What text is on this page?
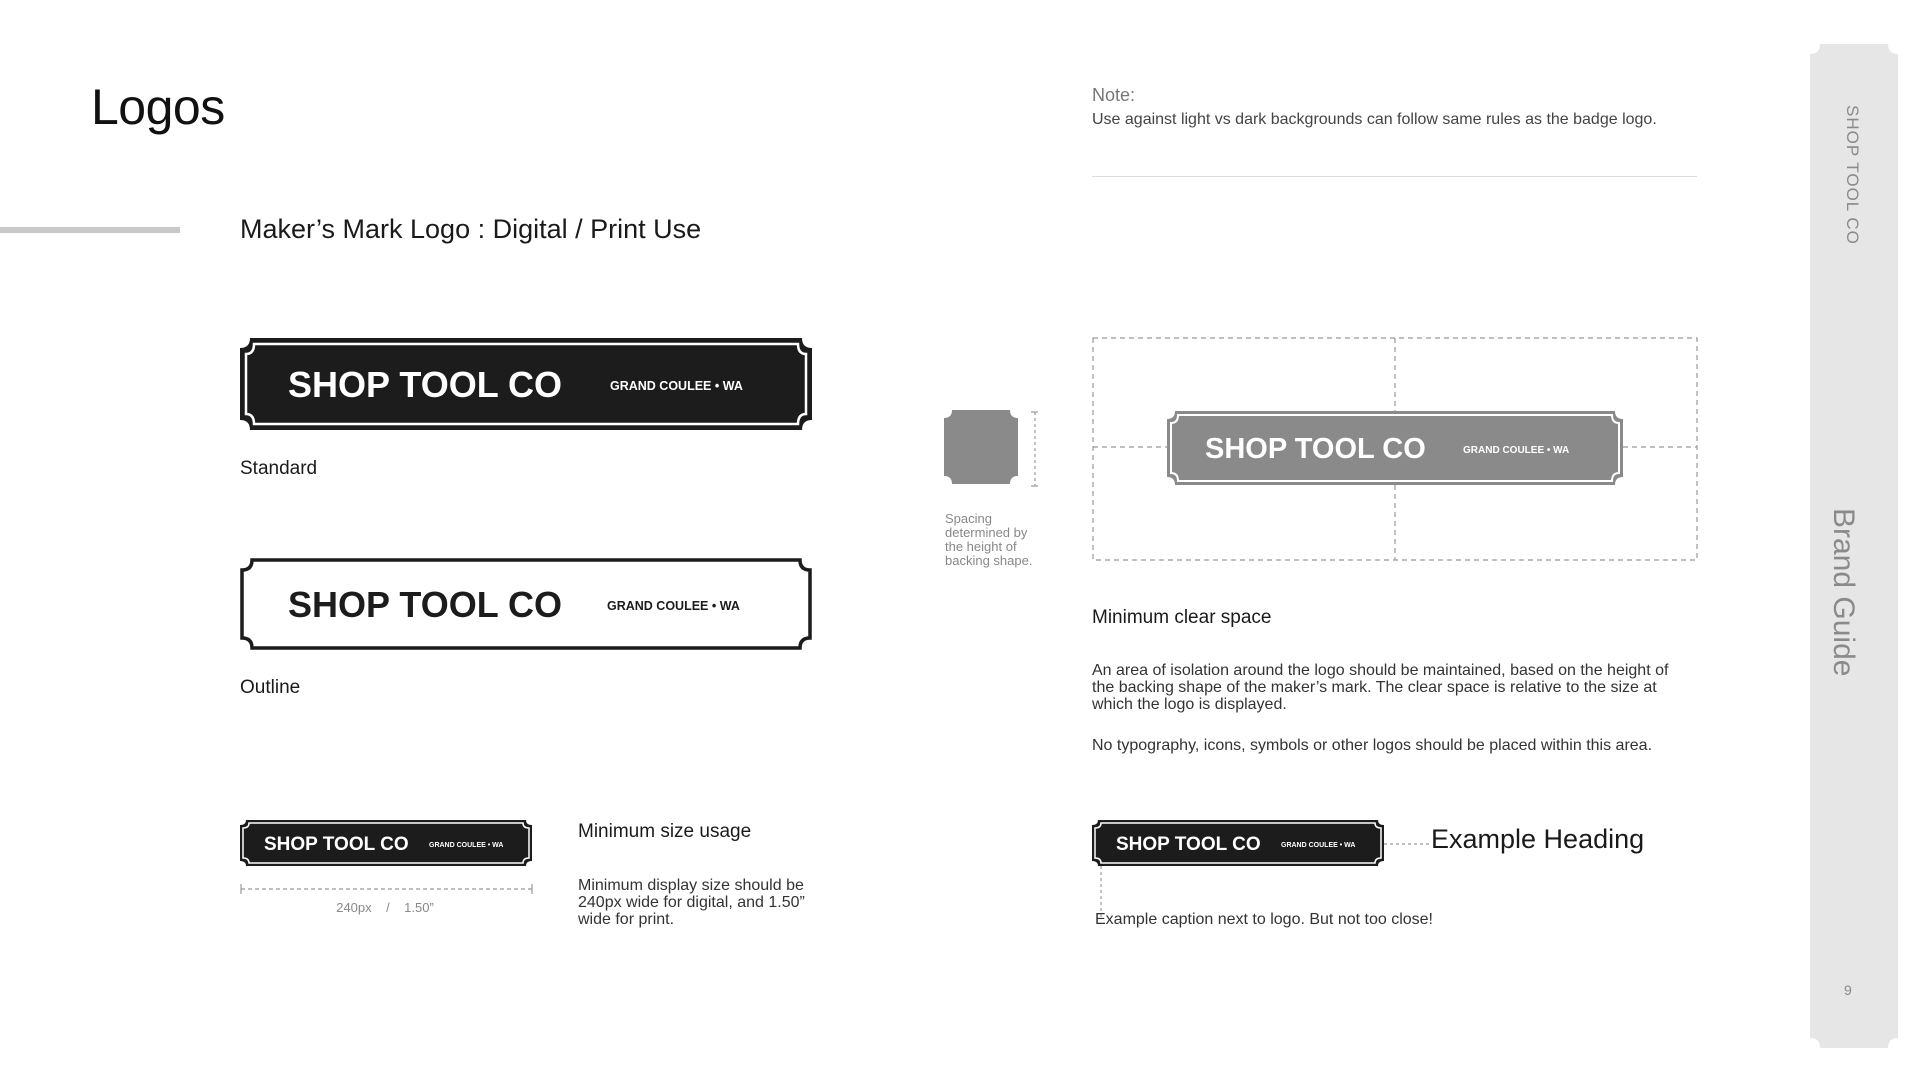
Logos
Maker’s Mark Logo : Digital / Print Use
SHOP TOOL CO	GRAND COULEE • WA
Standard
SHOP TOOL CO	GRAND COULEE • WA
Outline
SHOP TOOL CO	GRAND COULEE • WA
240px    /    1.50”
Minimum size usage
Minimum display size should be 240px wide for digital, and 1.50” wide for print.
Note:
Use against light vs dark backgrounds can follow same rules as the badge logo.
Spacing determined by the height of backing shape.
SHOP TOOL CO	GRAND COULEE • WA
Minimum clear space
An area of isolation around the logo should be maintained, based on the height of the backing shape of the maker’s mark. The clear space is relative to the size at which the logo is displayed.
No typography, icons, symbols or other logos should be placed within this area.
SHOP TOOL CO	GRAND COULEE • WA	Example Heading
Example caption next to logo. But not too close!
SHOP TOOL CO
Brand Guide
9
